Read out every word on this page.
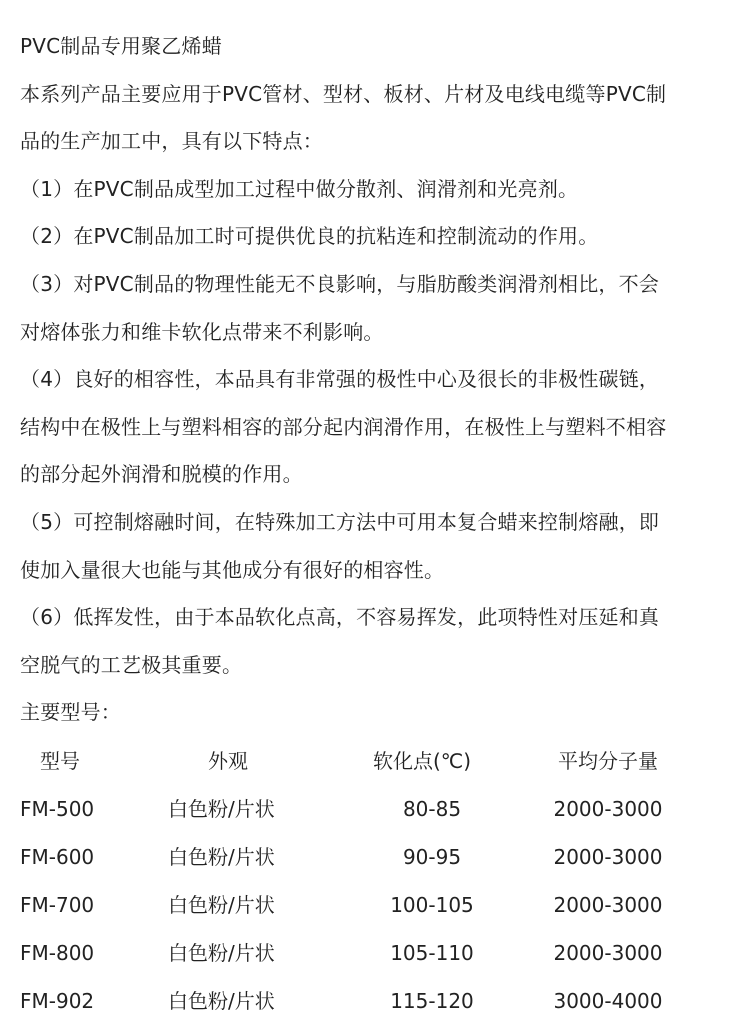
PVC制品专用聚乙烯蜡
本系列产品主要应用于PVC管材、型材、板材、片材及电线电缆等PVC制
品的生产加工中，具有以下特点：
（1）在PVC制品成型加工过程中做分散剂、润滑剂和光亮剂。
（2）在PVC制品加工时可提供优良的抗粘连和控制流动的作用。
（3）对PVC制品的物理性能无不良影响，与脂肪酸类润滑剂相比，不会
对熔体张力和维卡软化点带来不利影响。
（4）良好的相容性，本品具有非常强的极性中心及很长的非极性碳链，
结构中在极性上与塑料相容的部分起内润滑作用，在极性上与塑料不相容
的部分起外润滑和脱模的作用。
（5）可控制熔融时间，在特殊加工方法中可用本复合蜡来控制熔融，即
使加入量很大也能与其他成分有很好的相容性。
（6）低挥发性，由于本品软化点高，不容易挥发，此项特性对压延和真
空脱气的工艺极其重要。
主要型号：
型号	外观	软化点(℃)	平均分子量
FM-500	白色粉/片状	80-85	2000-3000
FM-600	白色粉/片状	90-95	2000-3000
FM-700	白色粉/片状	100-105	2000-3000
FM-800	白色粉/片状	105-110	2000-3000
FM-902	白色粉/片状	115-120	3000-4000
